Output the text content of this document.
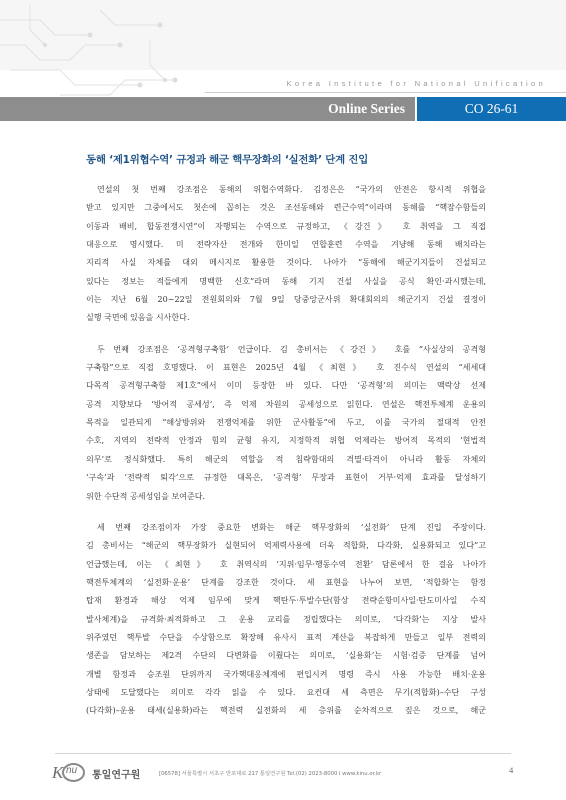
Korea Institute for National Unification
Online Series	CO 26-61
동해 ‘제1위협수역’ 규정과 해군 핵무장화의 ‘실전화’ 단계 진입
연설의 첫 번째 강조점은 동해의 위협수역화다. 김정은은 “국가의 안전은 항시적 위협을
받고 있지만 그중에서도 첫손에 꼽히는 것은 조선동해와 련근수역”이라며 동해를 “핵잠수함들의
이동과 배비, 합동전쟁시연”이 자행되는 수역으로 규정하고, 《강건》 호 취역을 그 직접
대응으로 명시했다. 미 전략자산 전개와 한미일 연합훈련 수역을 겨냥해 동해 배치라는
지리적 사실 자체를 대외 메시지로 활용한 것이다. 나아가 “동해에 해군기지들이 건설되고
있다는 정보는 적들에게 명백한 신호”라며 동해 기지 건설 사실을 공식 확인·과시했는데,
이는 지난 6월 20~22일 전원회의와 7월 9일 당중앙군사위 확대회의의 해군기지 건설 결정이
실행 국면에 있음을 시사한다.
두 번째 강조점은 ‘공격형구축함’ 언급이다. 김 총비서는 《강건》 호를 “사실상의 공격형
구축함”으로 직접 호명했다. 이 표현은 2025년 4월 《최현》 호 진수식 연설의 “세세대
다목적 공격형구축함 제1호”에서 이미 등장한 바 있다. 다만 ‘공격형’의 의미는 맥락상 선제
공격 지향보다 ‘방어적 공세성’, 즉 억제 차원의 공세성으로 읽힌다. 연설은 핵전투체계 운용의
목적을 일관되게 “해상방위와 전쟁억제를 위한 군사활동”에 두고, 이를 국가의 절대적 안전
수호, 지역의 전략적 안정과 힘의 균형 유지, 지정학적 위협 억제라는 방어적 목적의 ‘현법적
의무’로 정식화했다. 특히 해군의 역할을 적 침략함대의 격멸·타격이 아니라 활동 자체의
‘구속’과 ‘전략적 퇴각’으로 규정한 대목은, ‘공격형’ 무장과 표현이 거부·억제 효과를 달성하기
위한 수단적 공세성임을 보여준다.
세 번째 강조점이자 가장 중요한 변화는 해군 핵무장화의 ‘실전화’ 단계 진입 주장이다.
김 총비서는 “해군의 핵무장화가 실현되어 억제력사용에 더욱 적합화, 다각화, 실용화되고 있다”고
언급했는데, 이는 《최현》 호 취역식의 ‘지위·임무·행동수역 전환’ 담론에서 한 걸음 나아가
핵전투체계의 ‘실전화·운용’ 단계를 강조한 것이다. 세 표현을 나누어 보면, ‘적합화’는 함정
탑재 환경과 해상 억제 임무에 맞게 핵탄두·투발수단(함상 전략순항미사일·탄도미사일 수직
발사체계)을 규격화·최적화하고 그 운용 교리를 정립했다는 의미로, ‘다각화’는 지상 발사
위주였던 핵투발 수단을 수상함으로 확장해 유사시 표적 계산을 복잡하게 만들고 일부 전력의
생존을 담보하는 제2격 수단의 다변화를 이뤘다는 의미로, ‘실용화’는 시험·검증 단계를 넘어
개별 함정과 승조원 단위까지 국가핵대응체계에 편입시켜 명령 즉시 사용 가능한 배치·운용
상태에 도달했다는 의미로 각각 읽을 수 있다. 요컨대 세 측면은 무기(적합화)–수단 구성
(다각화)–운용 태세(실용화)라는 핵전력 실전화의 세 층위를 순차적으로 짚은 것으로, 해군
K nu 통일연구원	[06578] 서울특별시 서초구 반포대로 217 통일연구원 Tel.(02) 2023-8000 l www.kinu.or.kr	4
